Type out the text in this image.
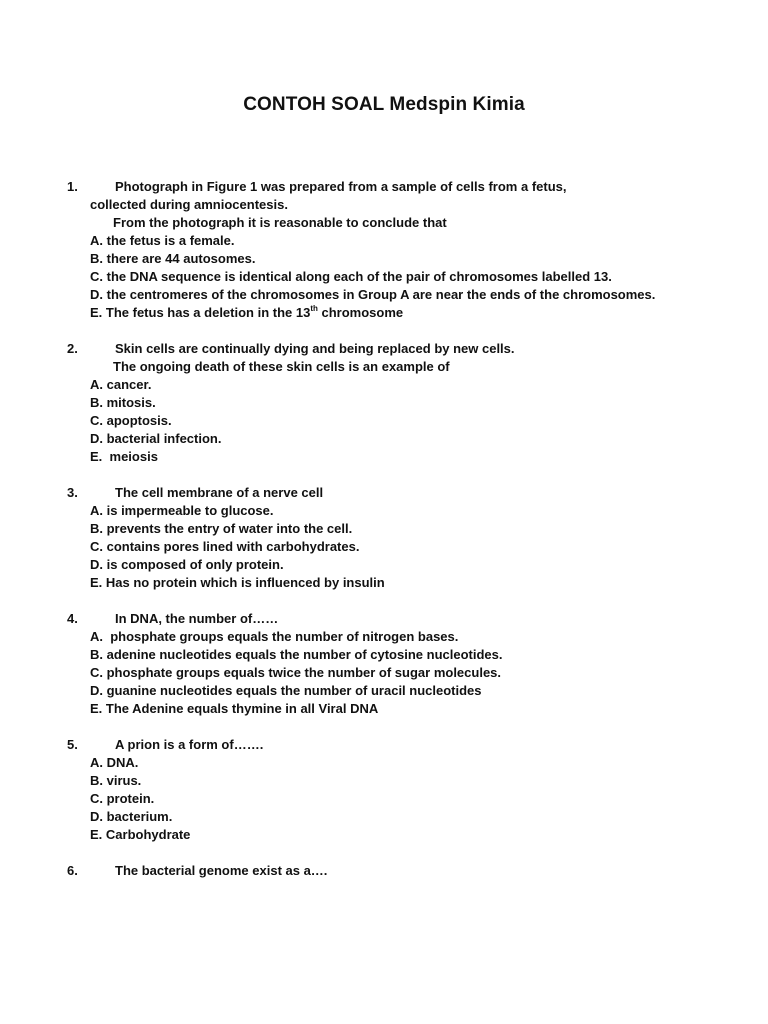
CONTOH SOAL Medspin Kimia
1.	Photograph in Figure 1 was prepared from a sample of cells from a fetus,
collected during amniocentesis.
From the photograph it is reasonable to conclude that
A. the fetus is a female.
B. there are 44 autosomes.
C. the DNA sequence is identical along each of the pair of chromosomes labelled 13.
D. the centromeres of the chromosomes in Group A are near the ends of the chromosomes.
E. The fetus has a deletion in the 13th chromosome
2.	Skin cells are continually dying and being replaced by new cells.
The ongoing death of these skin cells is an example of
A. cancer.
B. mitosis.
C. apoptosis.
D. bacterial infection.
E.  meiosis
3.	The cell membrane of a nerve cell
A. is impermeable to glucose.
B. prevents the entry of water into the cell.
C. contains pores lined with carbohydrates.
D. is composed of only protein.
E. Has no protein which is influenced by insulin
4.	In DNA, the number of……
A.  phosphate groups equals the number of nitrogen bases.
B. adenine nucleotides equals the number of cytosine nucleotides.
C. phosphate groups equals twice the number of sugar molecules.
D. guanine nucleotides equals the number of uracil nucleotides
E. The Adenine equals thymine in all Viral DNA
5.	A prion is a form of…….
A. DNA.
B. virus.
C. protein.
D. bacterium.
E. Carbohydrate
6.	The bacterial genome exist as a….
